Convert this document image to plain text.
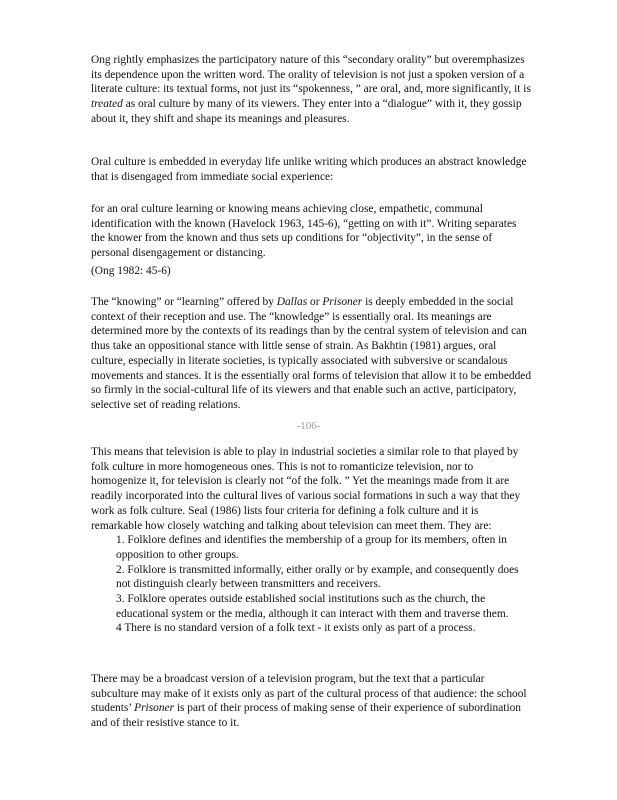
Ong rightly emphasizes the participatory nature of this “secondary orality” but overemphasizes its dependence upon the written word. The orality of television is not just a spoken version of a literate culture: its textual forms, not just its “spokenness, ” are oral, and, more significantly, it is treated as oral culture by many of its viewers. They enter into a “dialogue” with it, they gossip about it, they shift and shape its meanings and pleasures.

Oral culture is embedded in everyday life unlike writing which produces an abstract knowledge that is disengaged from immediate social experience:

for an oral culture learning or knowing means achieving close, empathetic, communal identification with the known (Havelock 1963, 145-6), “getting on with it”. Writing separates the knower from the known and thus sets up conditions for “objectivity”, in the sense of personal disengagement or distancing.

(Ong 1982: 45-6)

The “knowing” or “learning” offered by Dallas or Prisoner is deeply embedded in the social context of their reception and use. The “knowledge” is essentially oral. Its meanings are determined more by the contexts of its readings than by the central system of television and can thus take an oppositional stance with little sense of strain. As Bakhtin (1981) argues, oral culture, especially in literate societies, is typically associated with subversive or scandalous movements and stances. It is the essentially oral forms of television that allow it to be embedded so firmly in the social-cultural life of its viewers and that enable such an active, participatory, selective set of reading relations.

-106-

This means that television is able to play in industrial societies a similar role to that played by folk culture in more homogeneous ones. This is not to romanticize television, nor to homogenize it, for television is clearly not “of the folk. ” Yet the meanings made from it are readily incorporated into the cultural lives of various social formations in such a way that they work as folk culture. Seal (1986) lists four criteria for defining a folk culture and it is remarkable how closely watching and talking about television can meet them. They are:

1. Folklore defines and identifies the membership of a group for its members, often in opposition to other groups.
2. Folklore is transmitted informally, either orally or by example, and consequently does not distinguish clearly between transmitters and receivers.
3. Folklore operates outside established social institutions such as the church, the educational system or the media, although it can interact with them and traverse them.
4 There is no standard version of a folk text - it exists only as part of a process.

There may be a broadcast version of a television program, but the text that a particular subculture may make of it exists only as part of the cultural process of that audience: the school students’ Prisoner is part of their process of making sense of their experience of subordination and of their resistive stance to it.
